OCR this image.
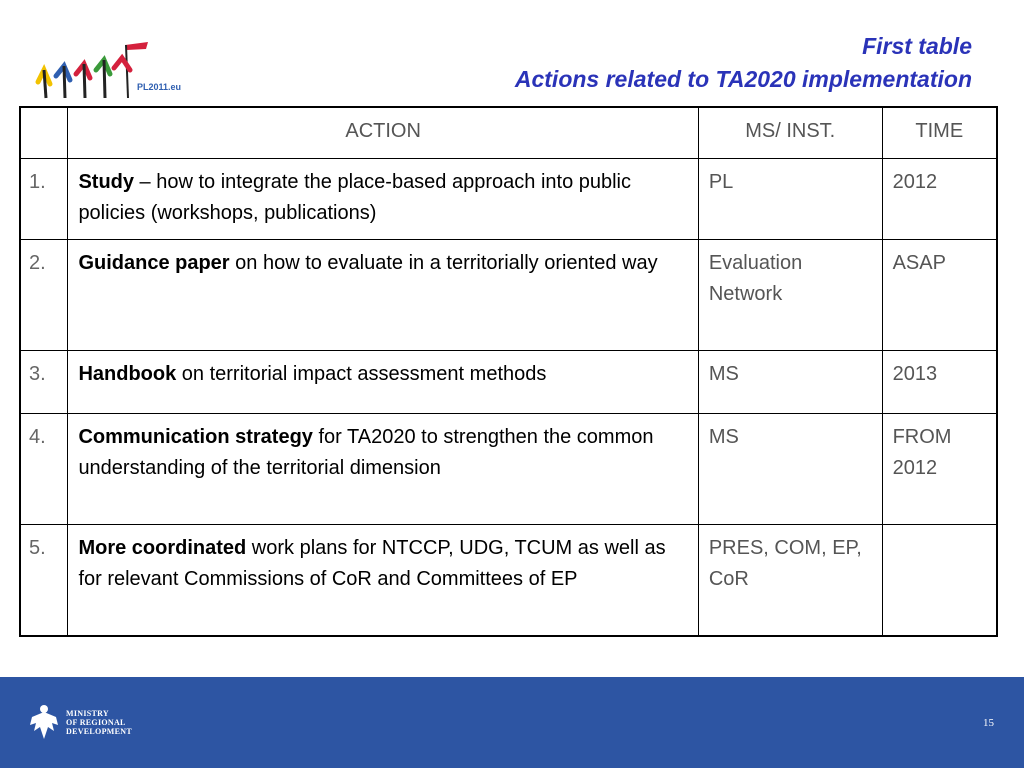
PL2011.eu
First table
Actions related to TA2020 implementation
	ACTION	MS/ INST.	TIME
1.	Study – how to integrate the place-based approach into public policies (workshops, publications)	PL	2012
2.	Guidance paper on how to evaluate in a territorially oriented way	Evaluation Network	ASAP
3.	Handbook on territorial impact assessment methods	MS	2013
4.	Communication strategy for TA2020 to strengthen the common understanding of the territorial dimension	MS	FROM 2012
5.	More coordinated work plans for NTCCP, UDG, TCUM as well as for relevant Commissions of CoR and Committees of EP	PRES, COM, EP, CoR	
MINISTRY
OF REGIONAL
DEVELOPMENT
15
